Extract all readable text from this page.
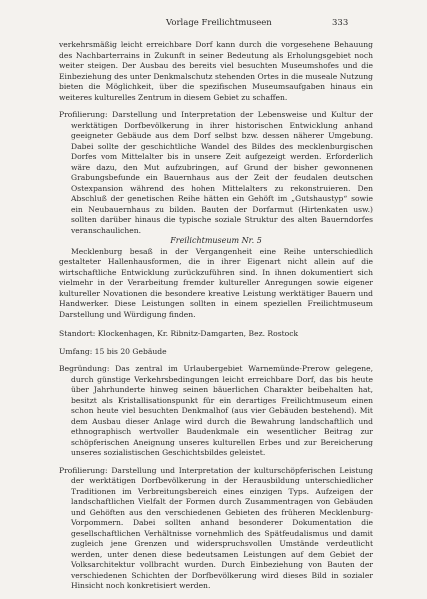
Vorlage Freilichtmuseen	333

verkehrsmäßig leicht erreichbare Dorf kann durch die vorgesehene Behauung des Nachbarterrains in Zukunft in seiner Bedeutung als Erholungsgebiet noch weiter steigen. Der Ausbau des bereits viel besuchten Museumshofes und die Einbeziehung des unter Denkmalschutz stehenden Ortes in die museale Nutzung bieten die Möglichkeit, über die spezifischen Museumsaufgaben hinaus ein weiteres kulturelles Zentrum in diesem Gebiet zu schaffen.

Profilierung: Darstellung und Interpretation der Lebensweise und Kultur der werktätigen Dorfbevölkerung in ihrer historischen Entwicklung anhand geeigneter Gebäude aus dem Dorf selbst bzw. dessen näherer Umgebung. Dabei sollte der geschichtliche Wandel des Bildes des mecklenburgischen Dorfes vom Mittelalter bis in unsere Zeit aufgezeigt werden. Erforderlich wäre dazu, den Mut aufzubringen, auf Grund der bisher gewonnenen Grabungsbefunde ein Bauernhaus aus der Zeit der feudalen deutschen Ostexpansion während des hohen Mittelalters zu rekonstruieren. Den Abschluß der genetischen Reihe hätten ein Gehöft im „Gutshaustyp“ sowie ein Neubauernhaus zu bilden. Bauten der Dorfarmut (Hirtenkaten usw.) sollten darüber hinaus die typische soziale Struktur des alten Bauerndorfes veranschaulichen.

Freilichtmuseum Nr. 5

Mecklenburg besaß in der Vergangenheit eine Reihe unterschiedlich gestalteter Hallenhausformen, die in ihrer Eigenart nicht allein auf die wirtschaftliche Entwicklung zurückzuführen sind. In ihnen dokumentiert sich vielmehr in der Verarbeitung fremder kultureller Anregungen sowie eigener kultureller Novationen die besondere kreative Leistung werktätiger Bauern und Handwerker. Diese Leistungen sollten in einem speziellen Freilichtmuseum Darstellung und Würdigung finden.

Standort: Klockenhagen, Kr. Ribnitz-Damgarten, Bez. Rostock

Umfang: 15 bis 20 Gebäude

Begründung: Das zentral im Urlaubergebiet Warnemünde-Prerow gelegene, durch günstige Verkehrsbedingungen leicht erreichbare Dorf, das bis heute über Jahrhunderte hinweg seinen bäuerlichen Charakter beibehalten hat, besitzt als Kristallisationspunkt für ein derartiges Freilichtmuseum einen schon heute viel besuchten Denkmalhof (aus vier Gebäuden bestehend). Mit dem Ausbau dieser Anlage wird durch die Bewahrung landschaftlich und ethnographisch wertvoller Baudenkmale ein wesentlicher Beitrag zur schöpferischen Aneignung unseres kulturellen Erbes und zur Bereicherung unseres sozialistischen Geschichtsbildes geleistet.

Profilierung: Darstellung und Interpretation der kulturschöpferischen Leistung der werktätigen Dorfbevölkerung in der Herausbildung unterschiedlicher Traditionen im Verbreitungsbereich eines einzigen Typs. Aufzeigen der landschaftlichen Vielfalt der Formen durch Zusammentragen von Gebäuden und Gehöften aus den verschiedenen Gebieten des früheren Mecklenburg-Vorpommern. Dabei sollten anhand besonderer Dokumentation die gesellschaftlichen Verhältnisse vornehmlich des Spätfeudalismus und damit zugleich jene Grenzen und widerspruchsvollen Umstände verdeutlicht werden, unter denen diese bedeutsamen Leistungen auf dem Gebiet der Volksarchitektur vollbracht wurden. Durch Einbeziehung von Bauten der verschiedenen Schichten der Dorfbevölkerung wird dieses Bild in sozialer Hinsicht noch konkretisiert werden.
